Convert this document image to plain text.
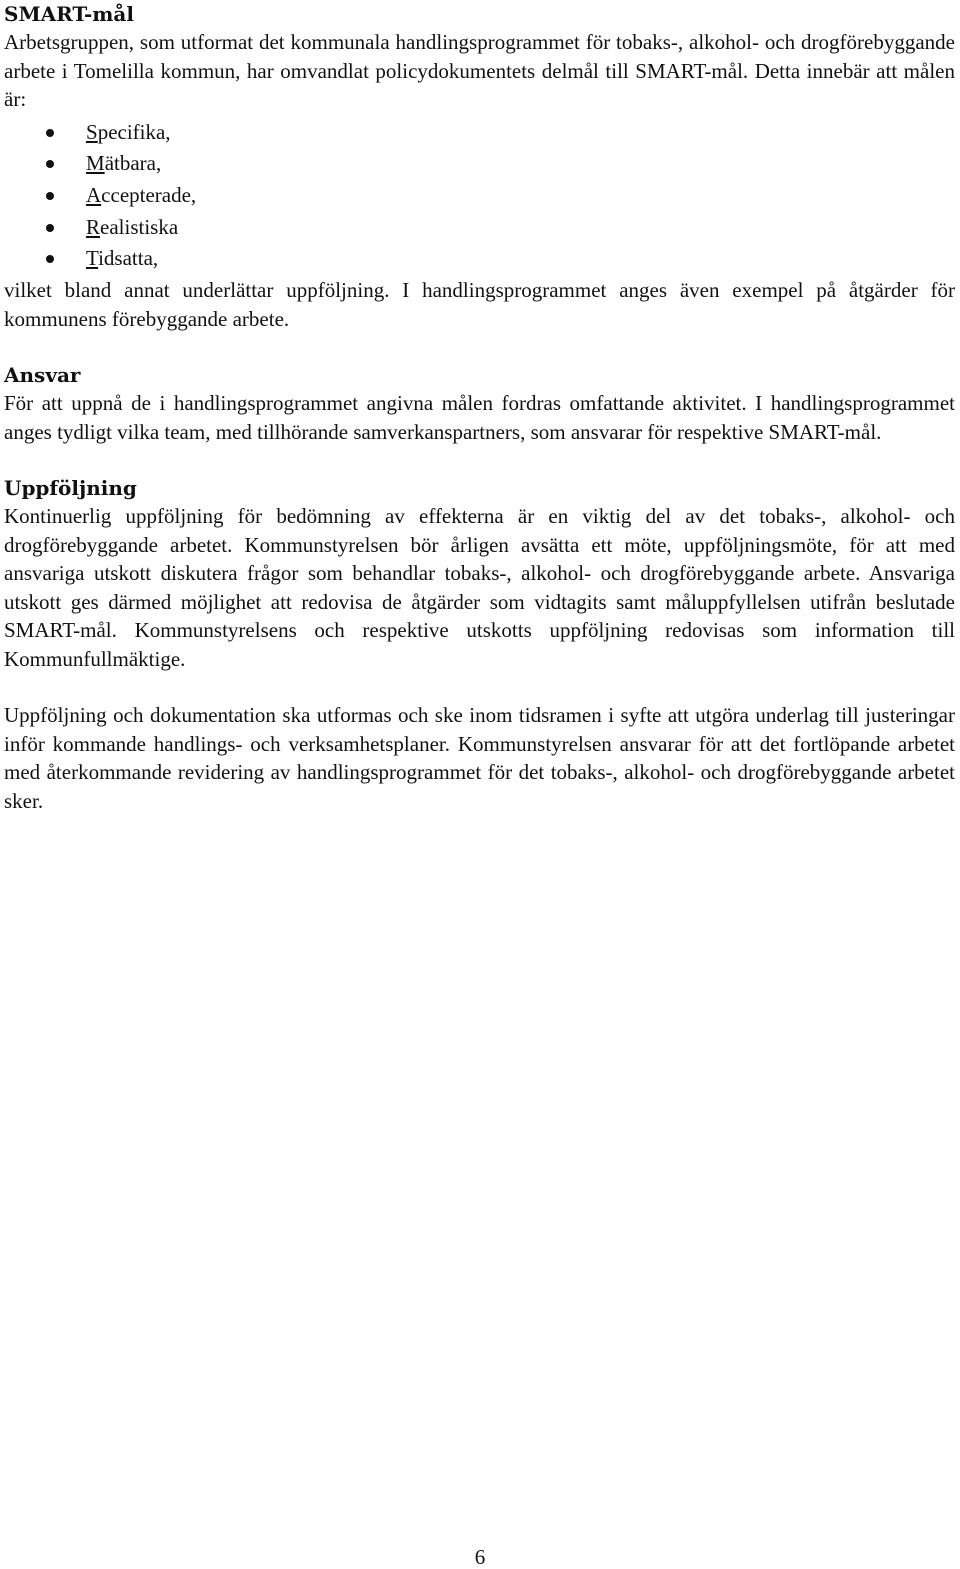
SMART-mål

Arbetsgruppen, som utformat det kommunala handlingsprogrammet för tobaks-, alkohol- och drogförebyggande arbete i Tomelilla kommun, har omvandlat policydokumentets delmål till SMART-mål. Detta innebär att målen är:

Specifika,
Mätbara,
Accepterade,
Realistiska
Tidsatta,

vilket bland annat underlättar uppföljning. I handlingsprogrammet anges även exempel på åtgärder för kommunens förebyggande arbete.

Ansvar

För att uppnå de i handlingsprogrammet angivna målen fordras omfattande aktivitet. I handlingsprogrammet anges tydligt vilka team, med tillhörande samverkanspartners, som ansvarar för respektive SMART-mål.

Uppföljning

Kontinuerlig uppföljning för bedömning av effekterna är en viktig del av det tobaks-, alkohol- och drogförebyggande arbetet. Kommunstyrelsen bör årligen avsätta ett möte, uppföljningsmöte, för att med ansvariga utskott diskutera frågor som behandlar tobaks-, alkohol- och drogförebyggande arbete. Ansvariga utskott ges därmed möjlighet att redovisa de åtgärder som vidtagits samt måluppfyllelsen utifrån beslutade SMART-mål. Kommunstyrelsens och respektive utskotts uppföljning redovisas som information till Kommunfullmäktige.

Uppföljning och dokumentation ska utformas och ske inom tidsramen i syfte att utgöra underlag till justeringar inför kommande handlings- och verksamhetsplaner. Kommunstyrelsen ansvarar för att det fortlöpande arbetet med återkommande revidering av handlingsprogrammet för det tobaks-, alkohol- och drogförebyggande arbetet sker.

6
